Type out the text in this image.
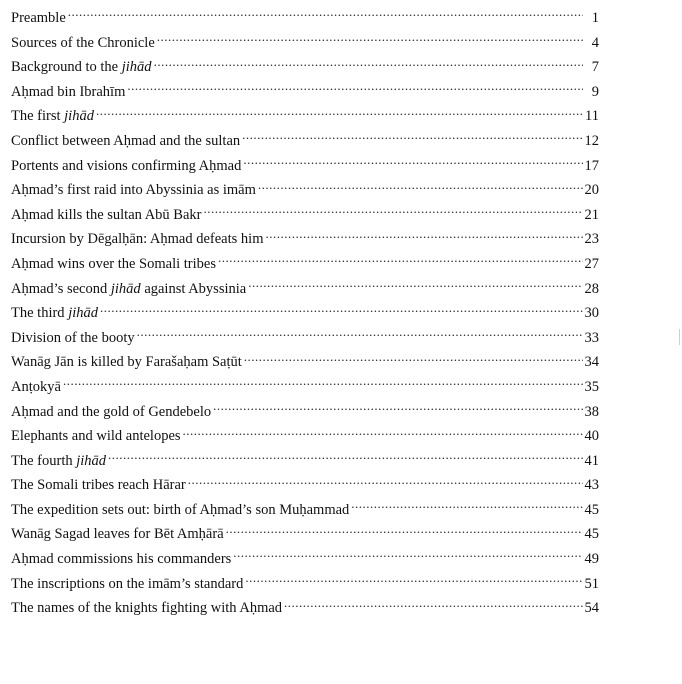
Preamble .....	1
Sources of the Chronicle .....	4
Background to the jihād .....	7
Aḥmad bin Ibrahīm .....	9
The first jihād .....	11
Conflict between Aḥmad and the sultan .....	12
Portents and visions confirming Aḥmad .....	17
Aḥmad’s first raid into Abyssinia as imām .....	20
Aḥmad kills the sultan Abū Bakr .....	21
Incursion by Dēgalḥān: Aḥmad defeats him .....	23
Aḥmad wins over the Somali tribes .....	27
Aḥmad’s second jihād against Abyssinia .....	28
The third jihād .....	30
Division of the booty .....	33
Wanāg Jān is killed by Farašaḥam Saṭūt .....	34
Anṭokyā .....	35
Aḥmad and the gold of Gendebelo .....	38
Elephants and wild antelopes .....	40
The fourth jihād .....	41
The Somali tribes reach Hārar .....	43
The expedition sets out: birth of Aḥmad’s son Muḥammad .....	45
Wanāg Sagad leaves for Bēt Amḥārā .....	45
Aḥmad commissions his commanders .....	49
The inscriptions on the imām’s standard .....	51
The names of the knights fighting with Aḥmad .....	54
